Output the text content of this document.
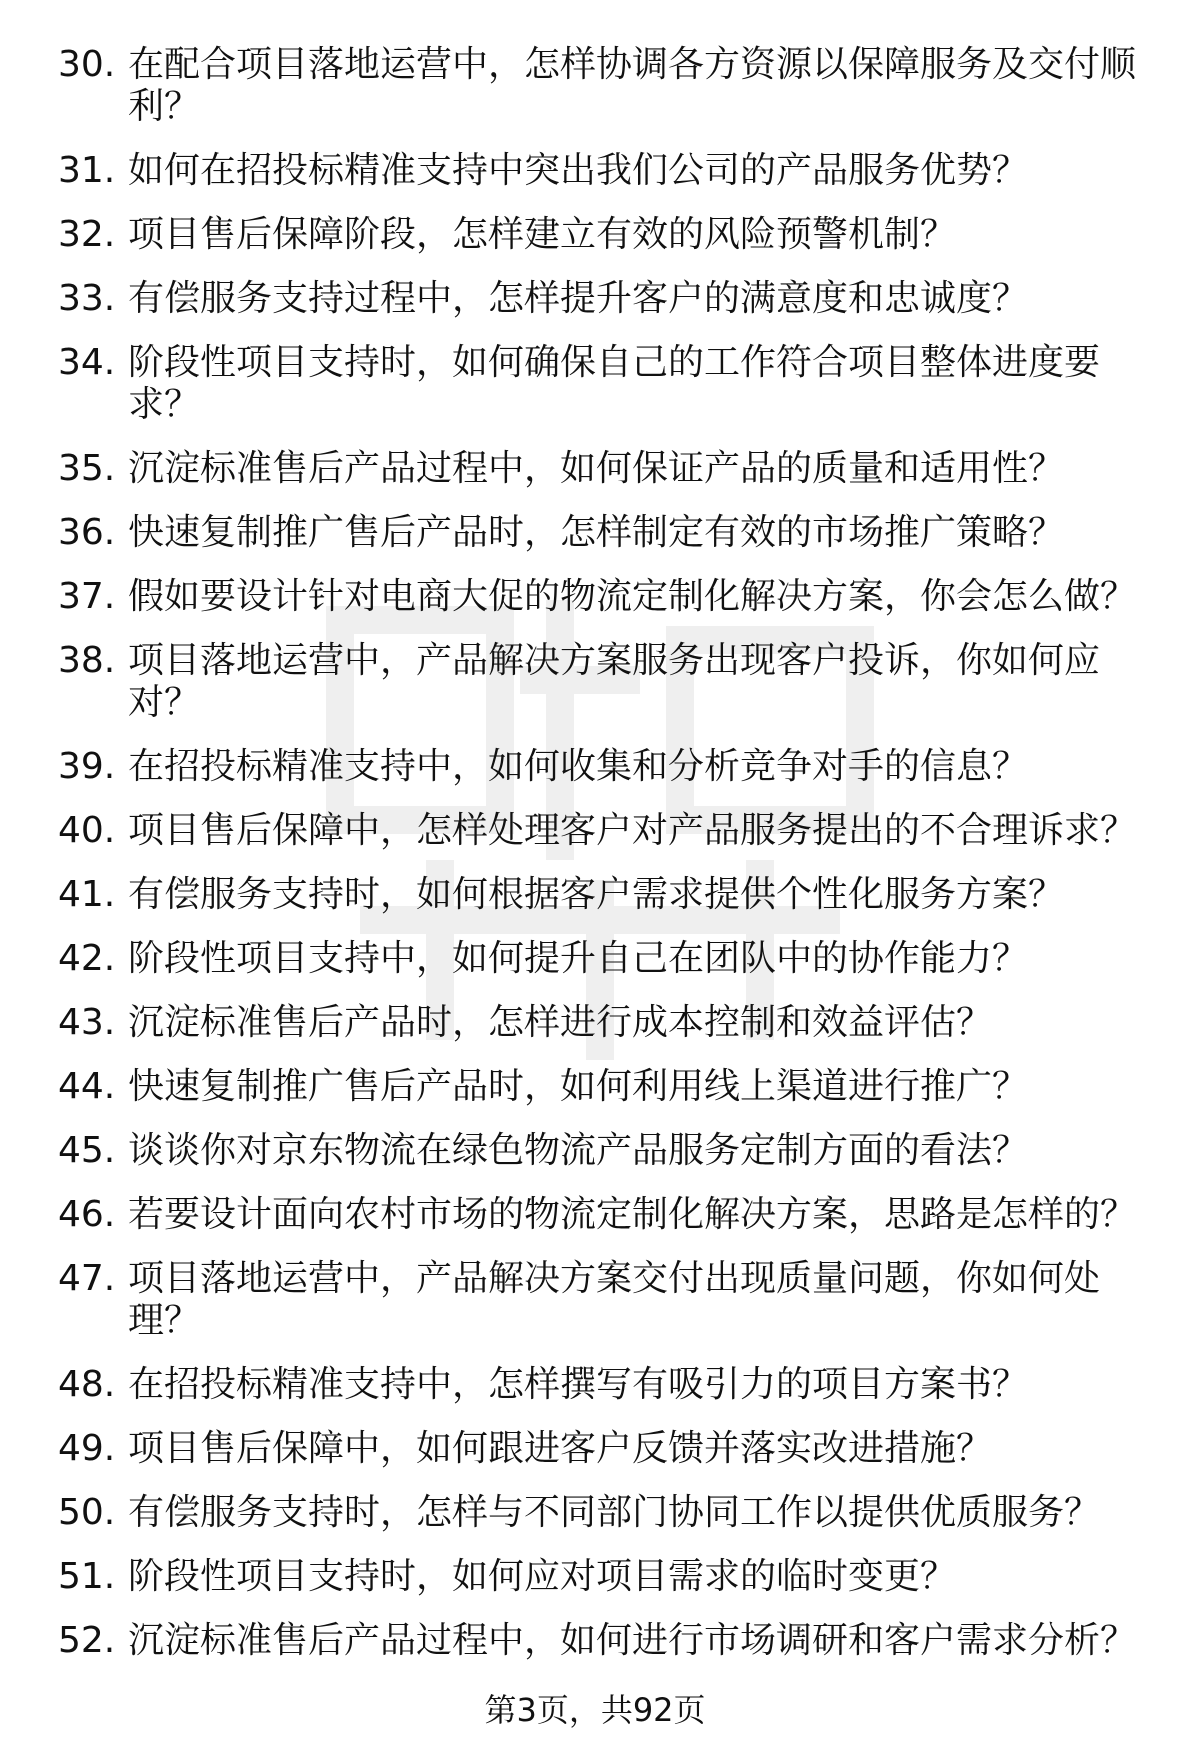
30. 在配合项目落地运营中，怎样协调各方资源以保障服务及交付顺利？
31. 如何在招投标精准支持中突出我们公司的产品服务优势？
32. 项目售后保障阶段，怎样建立有效的风险预警机制？
33. 有偿服务支持过程中，怎样提升客户的满意度和忠诚度？
34. 阶段性项目支持时，如何确保自己的工作符合项目整体进度要求？
35. 沉淀标准售后产品过程中，如何保证产品的质量和适用性？
36. 快速复制推广售后产品时，怎样制定有效的市场推广策略？
37. 假如要设计针对电商大促的物流定制化解决方案，你会怎么做？
38. 项目落地运营中，产品解决方案服务出现客户投诉，你如何应对？
39. 在招投标精准支持中，如何收集和分析竞争对手的信息？
40. 项目售后保障中，怎样处理客户对产品服务提出的不合理诉求？
41. 有偿服务支持时，如何根据客户需求提供个性化服务方案？
42. 阶段性项目支持中，如何提升自己在团队中的协作能力？
43. 沉淀标准售后产品时，怎样进行成本控制和效益评估？
44. 快速复制推广售后产品时，如何利用线上渠道进行推广？
45. 谈谈你对京东物流在绿色物流产品服务定制方面的看法？
46. 若要设计面向农村市场的物流定制化解决方案，思路是怎样的？
47. 项目落地运营中，产品解决方案交付出现质量问题，你如何处理？
48. 在招投标精准支持中，怎样撰写有吸引力的项目方案书？
49. 项目售后保障中，如何跟进客户反馈并落实改进措施？
50. 有偿服务支持时，怎样与不同部门协同工作以提供优质服务？
51. 阶段性项目支持时，如何应对项目需求的临时变更？
52. 沉淀标准售后产品过程中，如何进行市场调研和客户需求分析？
第3页，共92页
